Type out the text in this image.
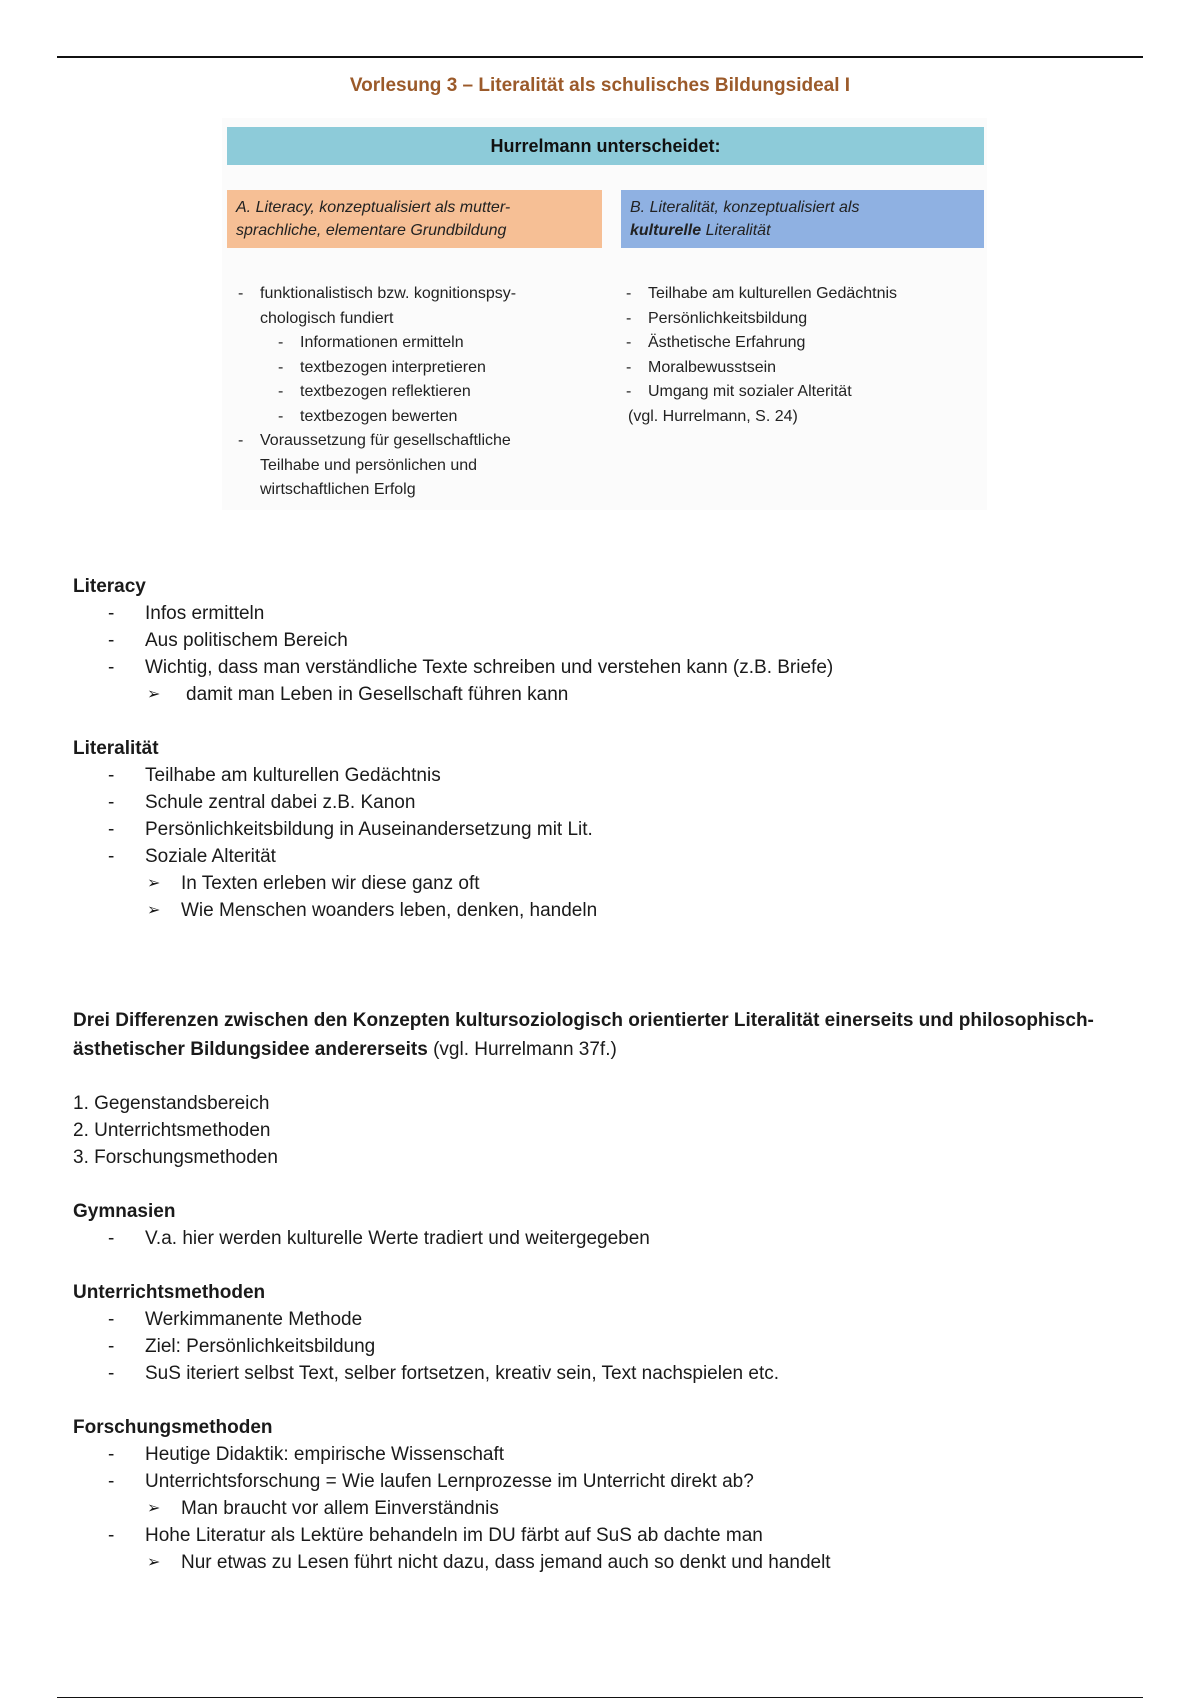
Vorlesung 3 – Literalität als schulisches Bildungsideal I
Hurrelmann unterscheidet:
A. Literacy, konzeptualisiert als mutter-
sprachliche, elementare Grundbildung
B. Literalität, konzeptualisiert als
kulturelle Literalität
- funktionalistisch bzw. kognitionspsy-
chologisch fundiert
- Informationen ermitteln
- textbezogen interpretieren
- textbezogen reflektieren
- textbezogen bewerten
- Voraussetzung für gesellschaftliche
Teilhabe und persönlichen und
wirtschaftlichen Erfolg
- Teilhabe am kulturellen Gedächtnis
- Persönlichkeitsbildung
- Ästhetische Erfahrung
- Moralbewusstsein
- Umgang mit sozialer Alterität
(vgl. Hurrelmann, S. 24)
Literacy
- Infos ermitteln
- Aus politischem Bereich
- Wichtig, dass man verständliche Texte schreiben und verstehen kann (z.B. Briefe)
➢ damit man Leben in Gesellschaft führen kann
Literalität
- Teilhabe am kulturellen Gedächtnis
- Schule zentral dabei z.B. Kanon
- Persönlichkeitsbildung in Auseinandersetzung mit Lit.
- Soziale Alterität
➢ In Texten erleben wir diese ganz oft
➢ Wie Menschen woanders leben, denken, handeln
Drei Differenzen zwischen den Konzepten kultursoziologisch orientierter Literalität einerseits und philosophisch-
ästhetischer Bildungsidee andererseits (vgl. Hurrelmann 37f.)
1. Gegenstandsbereich
2. Unterrichtsmethoden
3. Forschungsmethoden
Gymnasien
- V.a. hier werden kulturelle Werte tradiert und weitergegeben
Unterrichtsmethoden
- Werkimmanente Methode
- Ziel: Persönlichkeitsbildung
- SuS iteriert selbst Text, selber fortsetzen, kreativ sein, Text nachspielen etc.
Forschungsmethoden
- Heutige Didaktik: empirische Wissenschaft
- Unterrichtsforschung = Wie laufen Lernprozesse im Unterricht direkt ab?
➢ Man braucht vor allem Einverständnis
- Hohe Literatur als Lektüre behandeln im DU färbt auf SuS ab dachte man
➢ Nur etwas zu Lesen führt nicht dazu, dass jemand auch so denkt und handelt
